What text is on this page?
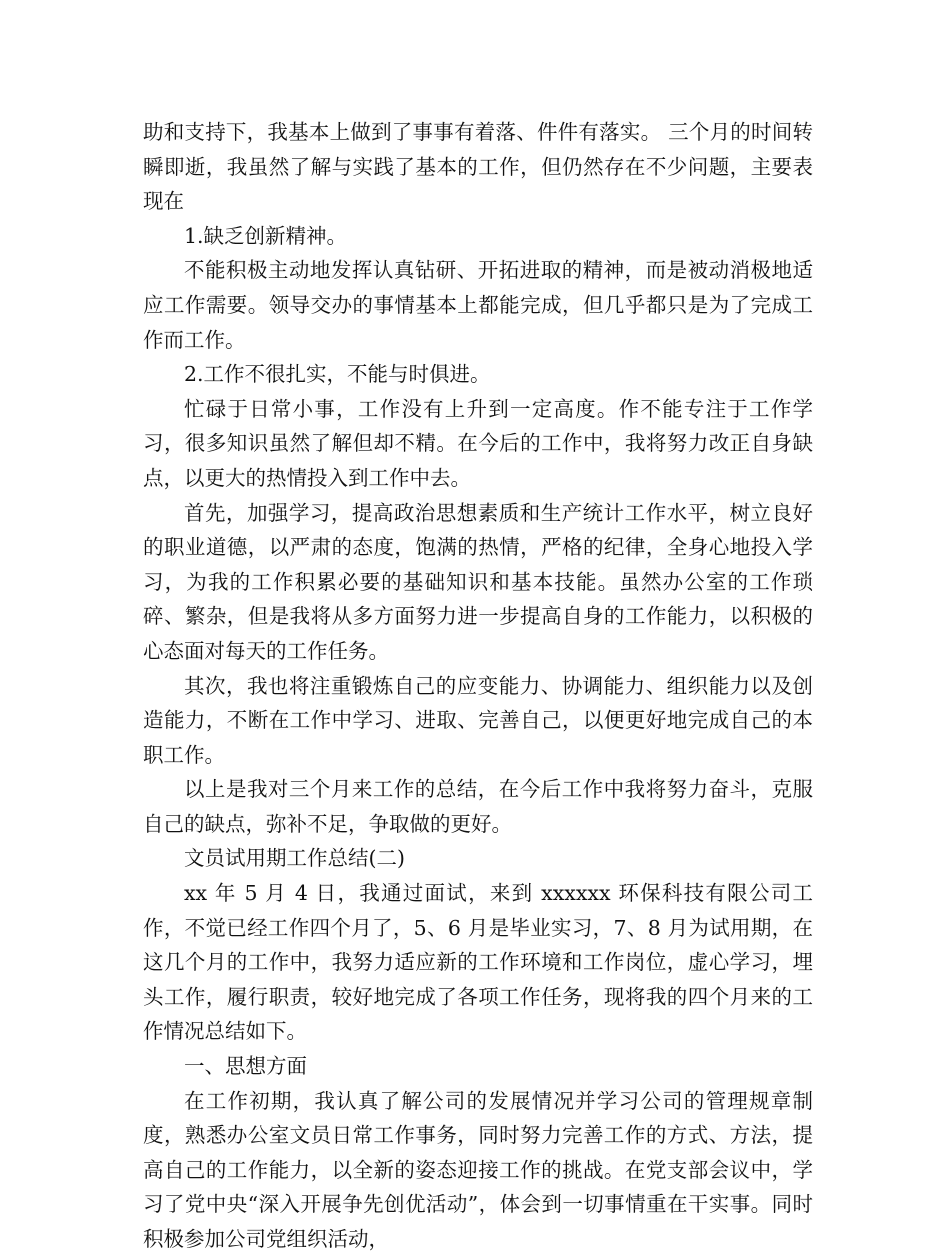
助和支持下，我基本上做到了事事有着落、件件有落实。 三个月的时间转瞬即逝，我虽然了解与实践了基本的工作，但仍然存在不少问题，主要表现在

1.缺乏创新精神。

不能积极主动地发挥认真钻研、开拓进取的精神，而是被动消极地适应工作需要。领导交办的事情基本上都能完成，但几乎都只是为了完成工作而工作。

2.工作不很扎实，不能与时俱进。

忙碌于日常小事，工作没有上升到一定高度。作不能专注于工作学习，很多知识虽然了解但却不精。在今后的工作中，我将努力改正自身缺点，以更大的热情投入到工作中去。

首先，加强学习，提高政治思想素质和生产统计工作水平，树立良好的职业道德，以严肃的态度，饱满的热情，严格的纪律，全身心地投入学习，为我的工作积累必要的基础知识和基本技能。虽然办公室的工作琐碎、繁杂，但是我将从多方面努力进一步提高自身的工作能力，以积极的心态面对每天的工作任务。

其次，我也将注重锻炼自己的应变能力、协调能力、组织能力以及创造能力，不断在工作中学习、进取、完善自己，以便更好地完成自己的本职工作。

以上是我对三个月来工作的总结，在今后工作中我将努力奋斗，克服自己的缺点，弥补不足，争取做的更好。

文员试用期工作总结(二)

xx 年 5 月 4 日，我通过面试，来到 xxxxxx 环保科技有限公司工作，不觉已经工作四个月了，5、6 月是毕业实习，7、8 月为试用期，在这几个月的工作中，我努力适应新的工作环境和工作岗位，虚心学习，埋头工作，履行职责，较好地完成了各项工作任务，现将我的四个月来的工作情况总结如下。

一、思想方面

在工作初期，我认真了解公司的发展情况并学习公司的管理规章制度，熟悉办公室文员日常工作事务，同时努力完善工作的方式、方法，提高自己的工作能力，以全新的姿态迎接工作的挑战。在党支部会议中，学习了党中央“深入开展争先创优活动”，体会到一切事情重在干实事。同时积极参加公司党组织活动，
